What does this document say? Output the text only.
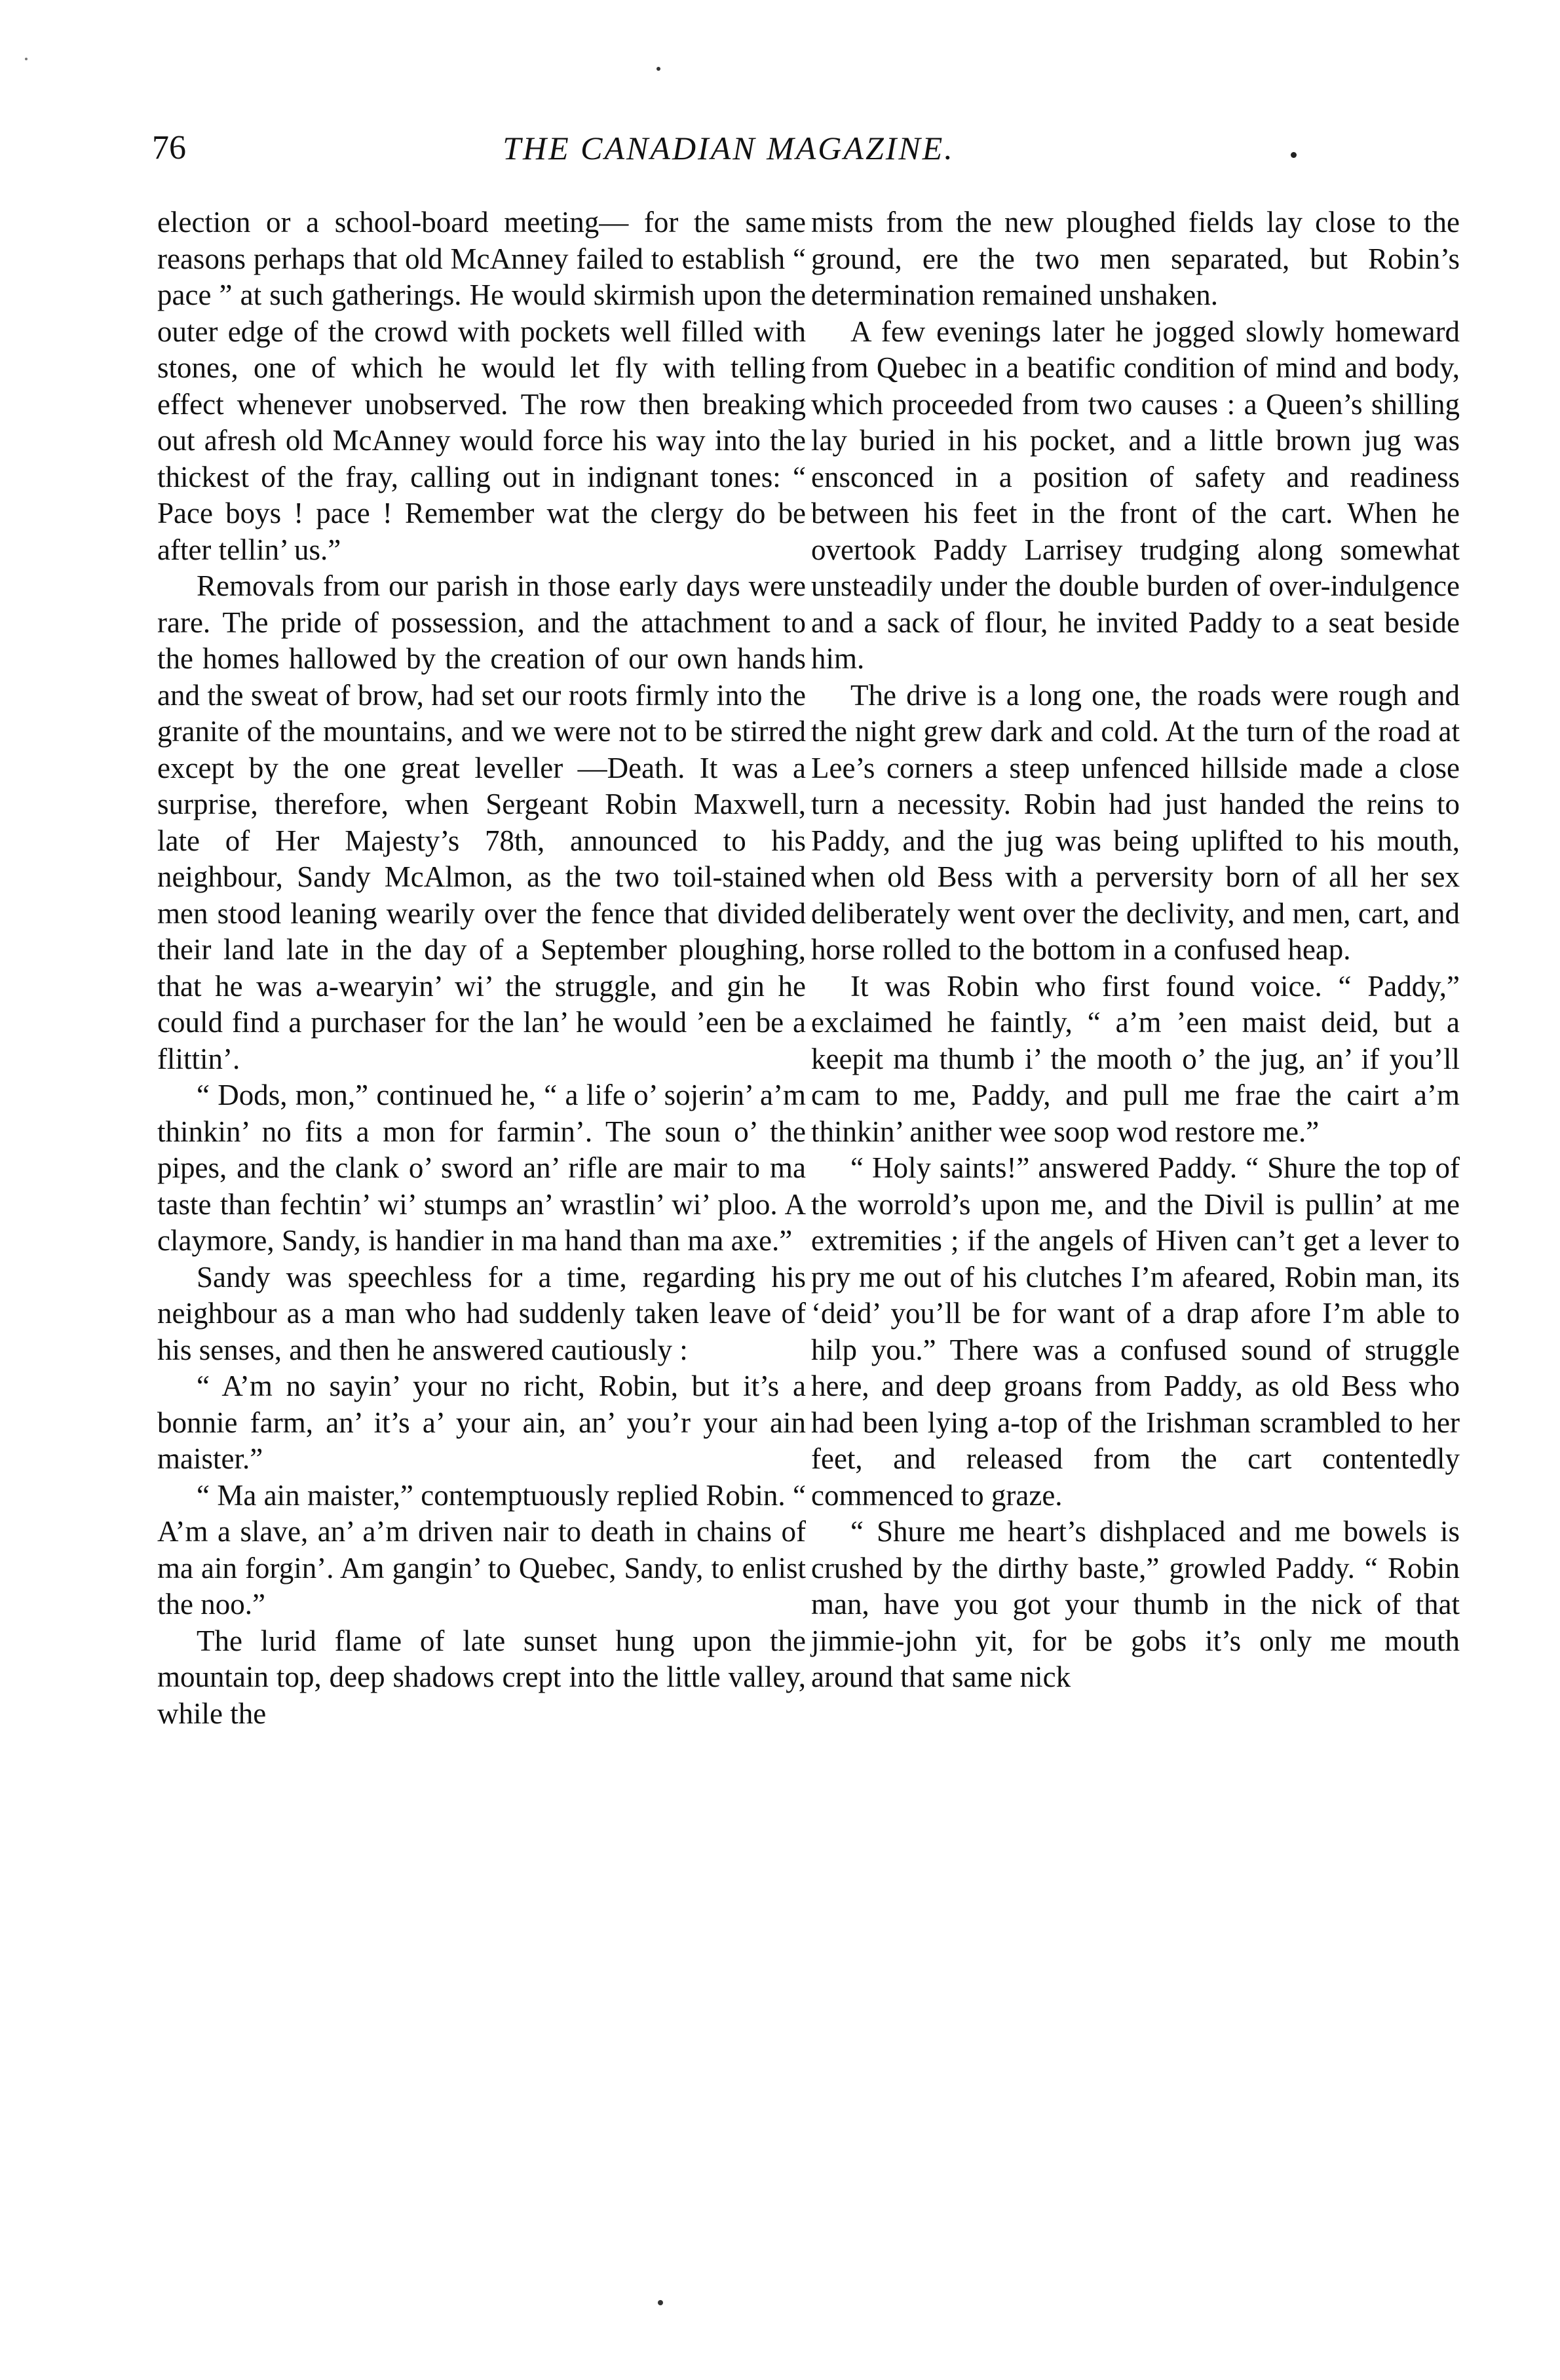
76	THE CANADIAN MAGAZINE.

election or a school-board meeting— for the same reasons perhaps that old McAnney failed to establish “ pace ” at such gatherings. He would skirmish upon the outer edge of the crowd with pockets well filled with stones, one of which he would let fly with telling effect whenever unobserved. The row then breaking out afresh old McAnney would force his way into the thickest of the fray, calling out in indignant tones: “ Pace boys ! pace ! Remember wat the clergy do be after tellin’ us.”

Removals from our parish in those early days were rare. The pride of possession, and the attachment to the homes hallowed by the creation of our own hands and the sweat of brow, had set our roots firmly into the granite of the mountains, and we were not to be stirred except by the one great leveller —Death. It was a surprise, therefore, when Sergeant Robin Maxwell, late of Her Majesty’s 78th, announced to his neighbour, Sandy McAlmon, as the two toil-stained men stood leaning wearily over the fence that divided their land late in the day of a September ploughing, that he was a-wearyin’ wi’ the struggle, and gin he could find a purchaser for the lan’ he would ’een be a flittin’.

“ Dods, mon,” continued he, “ a life o’ sojerin’ a’m thinkin’ no fits a mon for farmin’. The soun o’ the pipes, and the clank o’ sword an’ rifle are mair to ma taste than fechtin’ wi’ stumps an’ wrastlin’ wi’ ploo. A claymore, Sandy, is handier in ma hand than ma axe.”

Sandy was speechless for a time, regarding his neighbour as a man who had suddenly taken leave of his senses, and then he answered cautiously :

“ A’m no sayin’ your no richt, Robin, but it’s a bonnie farm, an’ it’s a’ your ain, an’ you’r your ain maister.”

“ Ma ain maister,” contemptuously replied Robin. “ A’m a slave, an’ a’m driven nair to death in chains of ma ain forgin’. Am gangin’ to Quebec, Sandy, to enlist the noo.”

The lurid flame of late sunset hung upon the mountain top, deep shadows crept into the little valley, while the

mists from the new ploughed fields lay close to the ground, ere the two men separated, but Robin’s determination remained unshaken.

A few evenings later he jogged slowly homeward from Quebec in a beatific condition of mind and body, which proceeded from two causes : a Queen’s shilling lay buried in his pocket, and a little brown jug was ensconced in a position of safety and readiness between his feet in the front of the cart. When he overtook Paddy Larrisey trudging along somewhat unsteadily under the double burden of over-indulgence and a sack of flour, he invited Paddy to a seat beside him.

The drive is a long one, the roads were rough and the night grew dark and cold. At the turn of the road at Lee’s corners a steep unfenced hillside made a close turn a necessity. Robin had just handed the reins to Paddy, and the jug was being uplifted to his mouth, when old Bess with a perversity born of all her sex deliberately went over the declivity, and men, cart, and horse rolled to the bottom in a confused heap.

It was Robin who first found voice. “ Paddy,” exclaimed he faintly, “ a’m ’een maist deid, but a keepit ma thumb i’ the mooth o’ the jug, an’ if you’ll cam to me, Paddy, and pull me frae the cairt a’m thinkin’ anither wee soop wod restore me.”

“ Holy saints!” answered Paddy. “ Shure the top of the worrold’s upon me, and the Divil is pullin’ at me extremities ; if the angels of Hiven can’t get a lever to pry me out of his clutches I’m afeared, Robin man, its ‘deid’ you’ll be for want of a drap afore I’m able to hilp you.” There was a confused sound of struggle here, and deep groans from Paddy, as old Bess who had been lying a-top of the Irishman scrambled to her feet, and released from the cart contentedly commenced to graze.

“ Shure me heart’s dishplaced and me bowels is crushed by the dirthy baste,” growled Paddy. “ Robin man, have you got your thumb in the nick of that jimmie-john yit, for be gobs it’s only me mouth around that same nick
